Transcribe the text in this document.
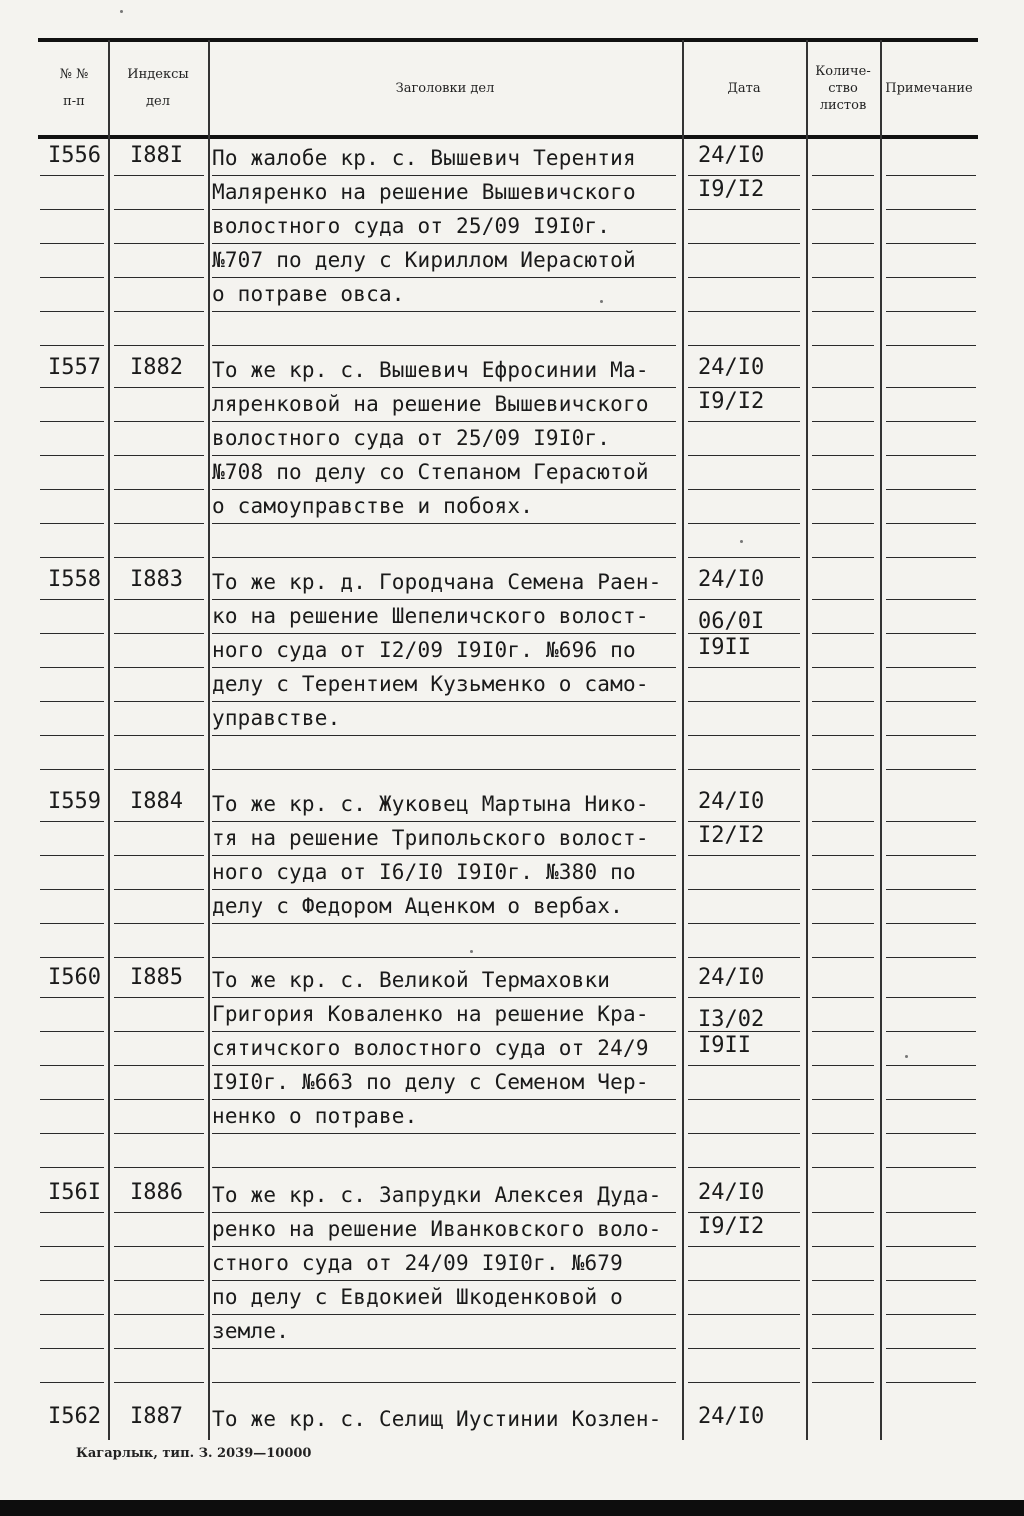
№ №
п-п
Индексы
дел
Заголовки дел	Дата
Количе-
ство
листов
Примечание
I556 I88I По жалобе кр. с. Вышевич Терентия
Маляренко на решение Вышевичского
волостного суда от 25/09 I9I0г.
№707 по делу с Кириллом Иерасютой
о потраве овса.
24/I0
I9/I2
I557 I882 То же кр. с. Вышевич Ефросинии Ма-
ляренковой на решение Вышевичского
волостного суда от 25/09 I9I0г.
№708 по делу со Степаном Герасютой
о самоуправстве и побоях.
24/I0
I9/I2
I558 I883 То же кр. д. Городчана Семена Раен-
ко на решение Шепеличского волост-
ного суда от I2/09 I9I0г. №696 по
делу с Терентием Кузьменко о само-
управстве.
24/I0
06/0I
I9II
I559 I884 То же кр. с. Жуковец Мартына Нико-
тя на решение Трипольского волост-
ного суда от I6/I0 I9I0г. №380 по
делу с Федором Аценком о вербах.
24/I0
I2/I2
I560 I885 То же кр. с. Великой Термаховки
Григория Коваленко на решение Кра-
сятичского волостного суда от 24/9
I9I0г. №663 по делу с Семеном Чер-
ненко о потраве.
24/I0
I3/02
I9II
I56I I886 То же кр. с. Запрудки Алексея Дуда-
ренко на решение Иванковского воло-
стного суда от 24/09 I9I0г. №679
по делу с Евдокией Шкоденковой о
земле.
24/I0
I9/I2
I562 I887 То же кр. с. Селищ Иустинии Козлен- 24/I0
Кагарлык, тип. З. 2039—10000
